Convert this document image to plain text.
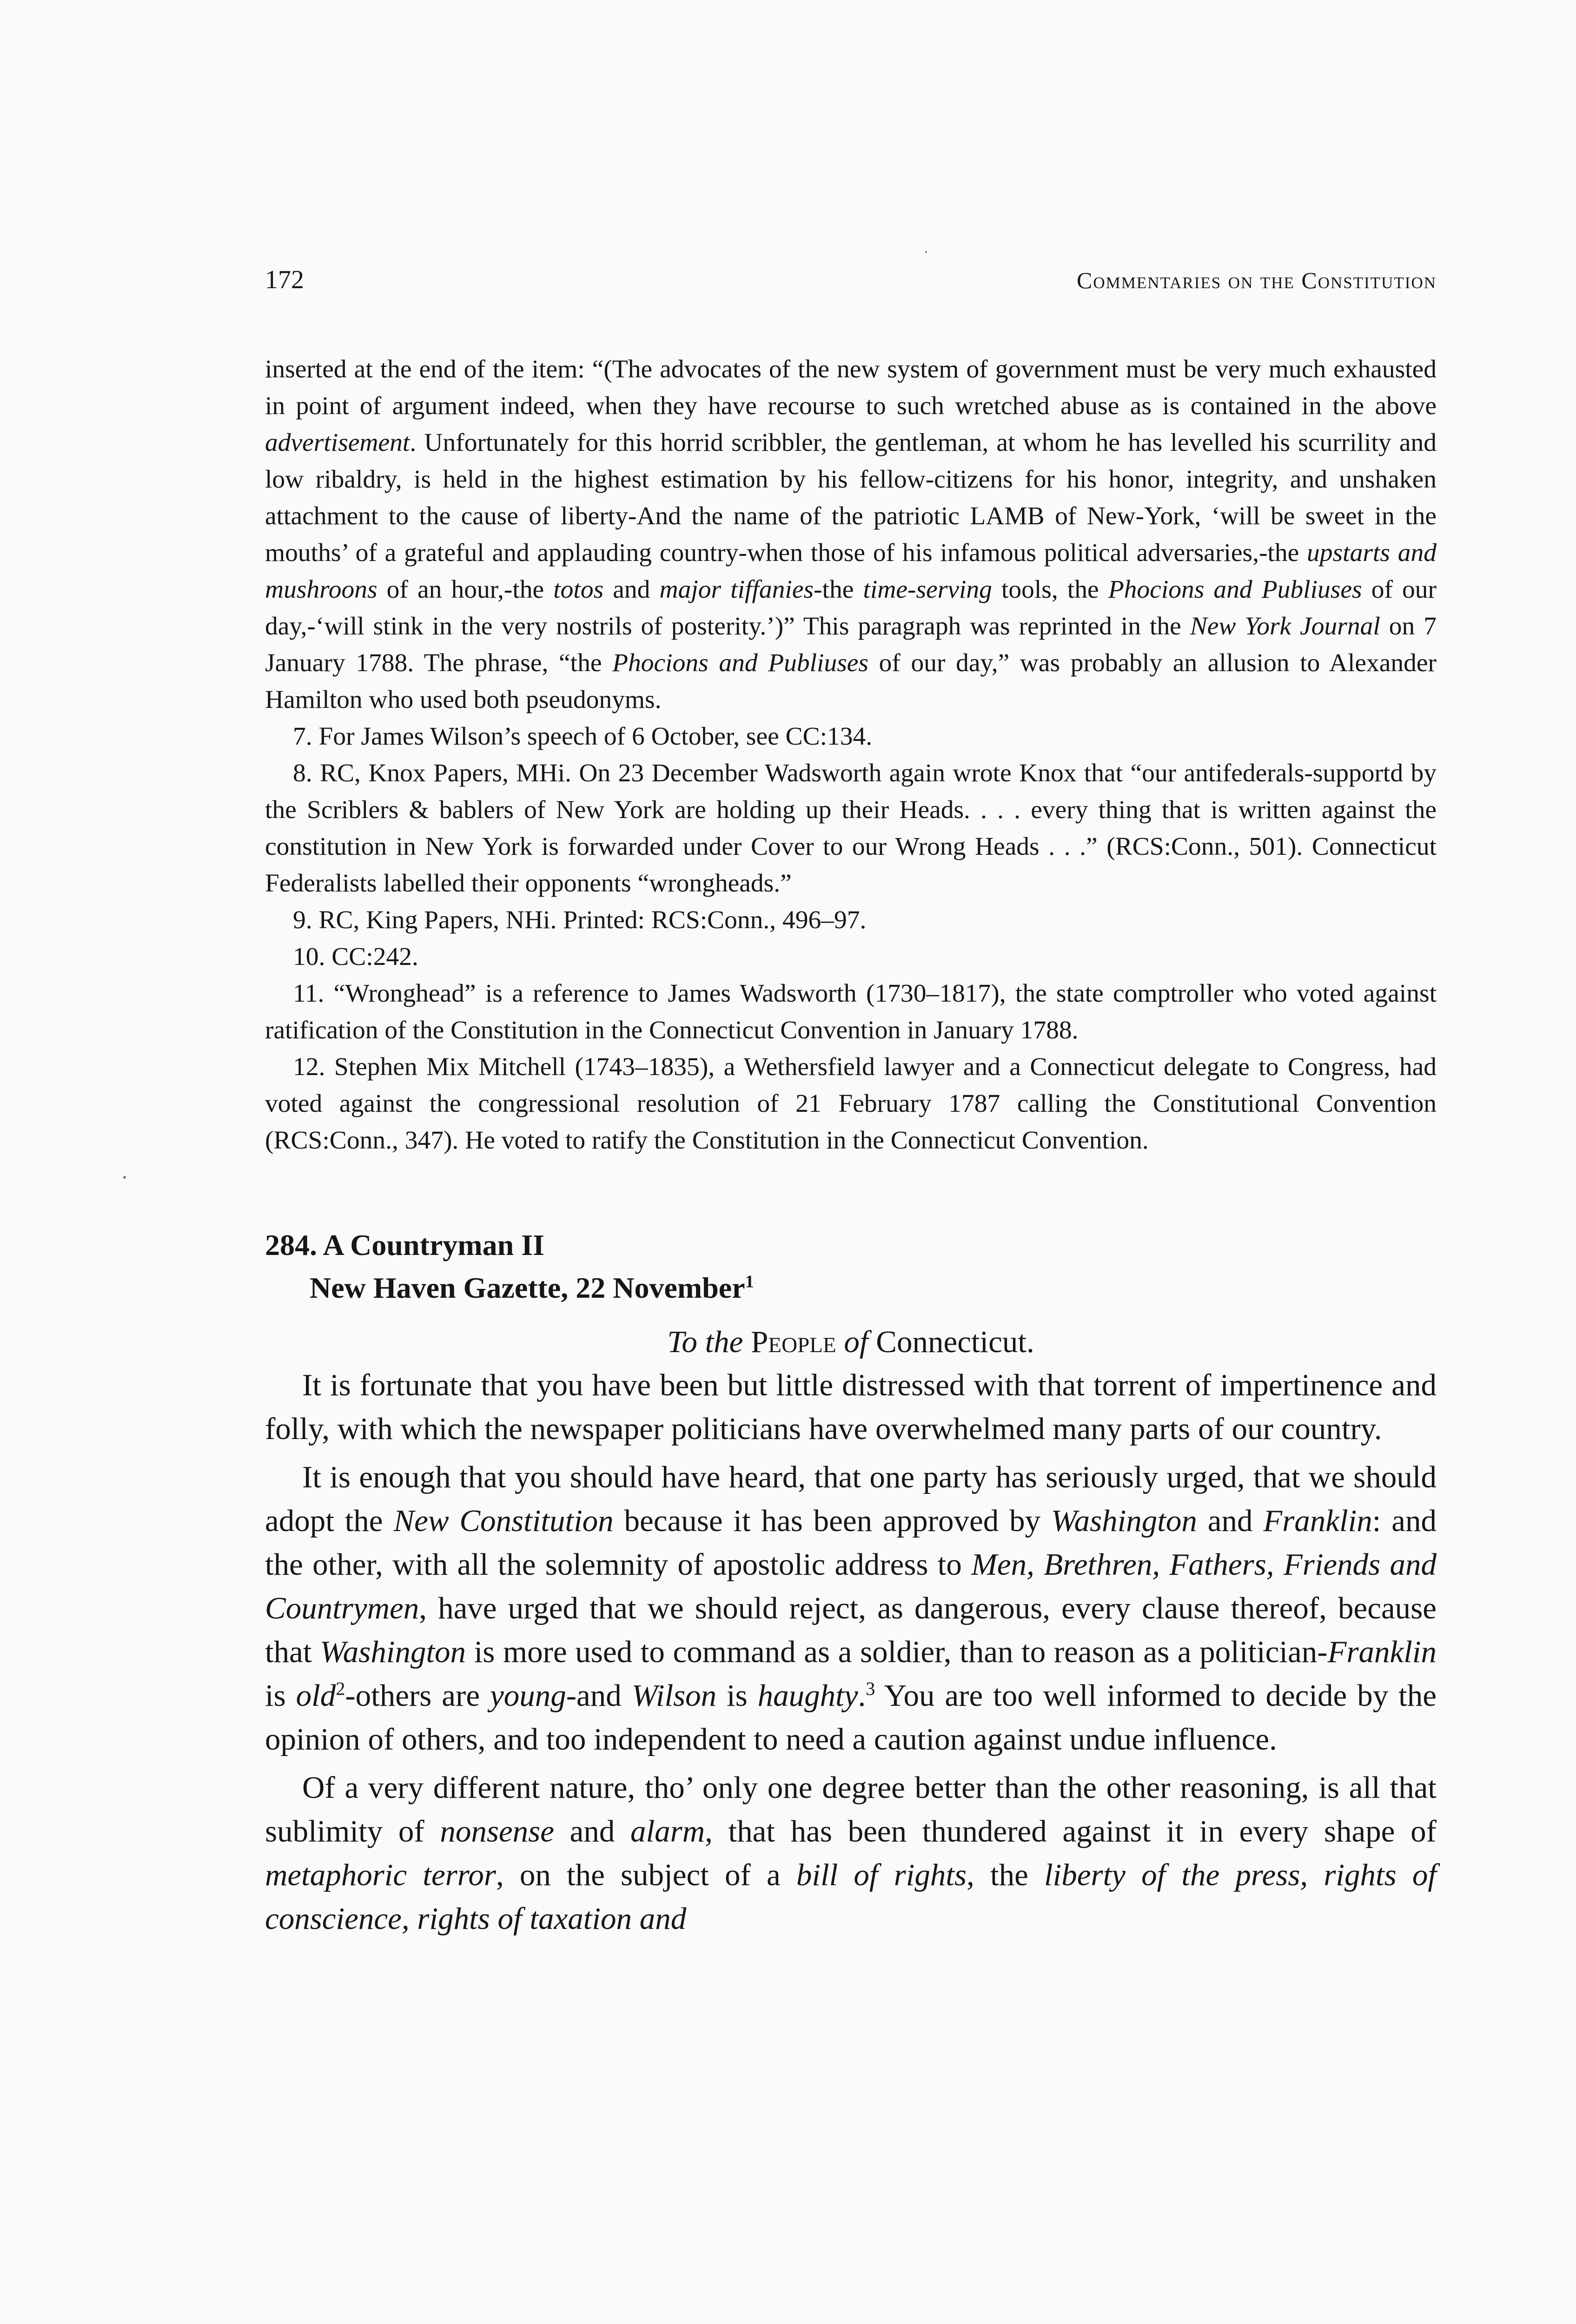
172	Commentaries on the Constitution

inserted at the end of the item: “(The advocates of the new system of government must be very much exhausted in point of argument indeed, when they have recourse to such wretched abuse as is contained in the above advertisement. Unfortunately for this horrid scribbler, the gentleman, at whom he has levelled his scurrility and low ribaldry, is held in the highest estimation by his fellow-citizens for his honor, integrity, and unshaken attachment to the cause of liberty-And the name of the patriotic LAMB of New-York, ‘will be sweet in the mouths’ of a grateful and applauding country-when those of his infamous political adversaries,-the upstarts and mushroons of an hour,-the totos and major tiffanies-the time-serving tools, the Phocions and Publiuses of our day,-‘will stink in the very nostrils of posterity.’)” This paragraph was reprinted in the New York Journal on 7 January 1788. The phrase, “the Phocions and Publiuses of our day,” was probably an allusion to Alexander Hamilton who used both pseudonyms.

7. For James Wilson’s speech of 6 October, see CC:134.

8. RC, Knox Papers, MHi. On 23 December Wadsworth again wrote Knox that “our antifederals-supportd by the Scriblers & bablers of New York are holding up their Heads. . . . every thing that is written against the constitution in New York is forwarded under Cover to our Wrong Heads . . .” (RCS:Conn., 501). Connecticut Federalists labelled their opponents “wrongheads.”

9. RC, King Papers, NHi. Printed: RCS:Conn., 496–97.

10. CC:242.

11. “Wronghead” is a reference to James Wadsworth (1730–1817), the state comptroller who voted against ratification of the Constitution in the Connecticut Convention in January 1788.

12. Stephen Mix Mitchell (1743–1835), a Wethersfield lawyer and a Connecticut delegate to Congress, had voted against the congressional resolution of 21 February 1787 calling the Constitutional Convention (RCS:Conn., 347). He voted to ratify the Constitution in the Connecticut Convention.

284. A Countryman II
New Haven Gazette, 22 November$^1$
To the People of Connecticut.

It is fortunate that you have been but little distressed with that torrent of impertinence and folly, with which the newspaper politicians have overwhelmed many parts of our country.

It is enough that you should have heard, that one party has seriously urged, that we should adopt the New Constitution because it has been approved by Washington and Franklin: and the other, with all the solemnity of apostolic address to Men, Brethren, Fathers, Friends and Countrymen, have urged that we should reject, as dangerous, every clause thereof, because that Washington is more used to command as a soldier, than to reason as a politician-Franklin is old$^2$-others are young-and Wilson is haughty.$^3$ You are too well informed to decide by the opinion of others, and too independent to need a caution against undue influence.

Of a very different nature, tho’ only one degree better than the other reasoning, is all that sublimity of nonsense and alarm, that has been thundered against it in every shape of metaphoric terror, on the subject of a bill of rights, the liberty of the press, rights of conscience, rights of taxation and
